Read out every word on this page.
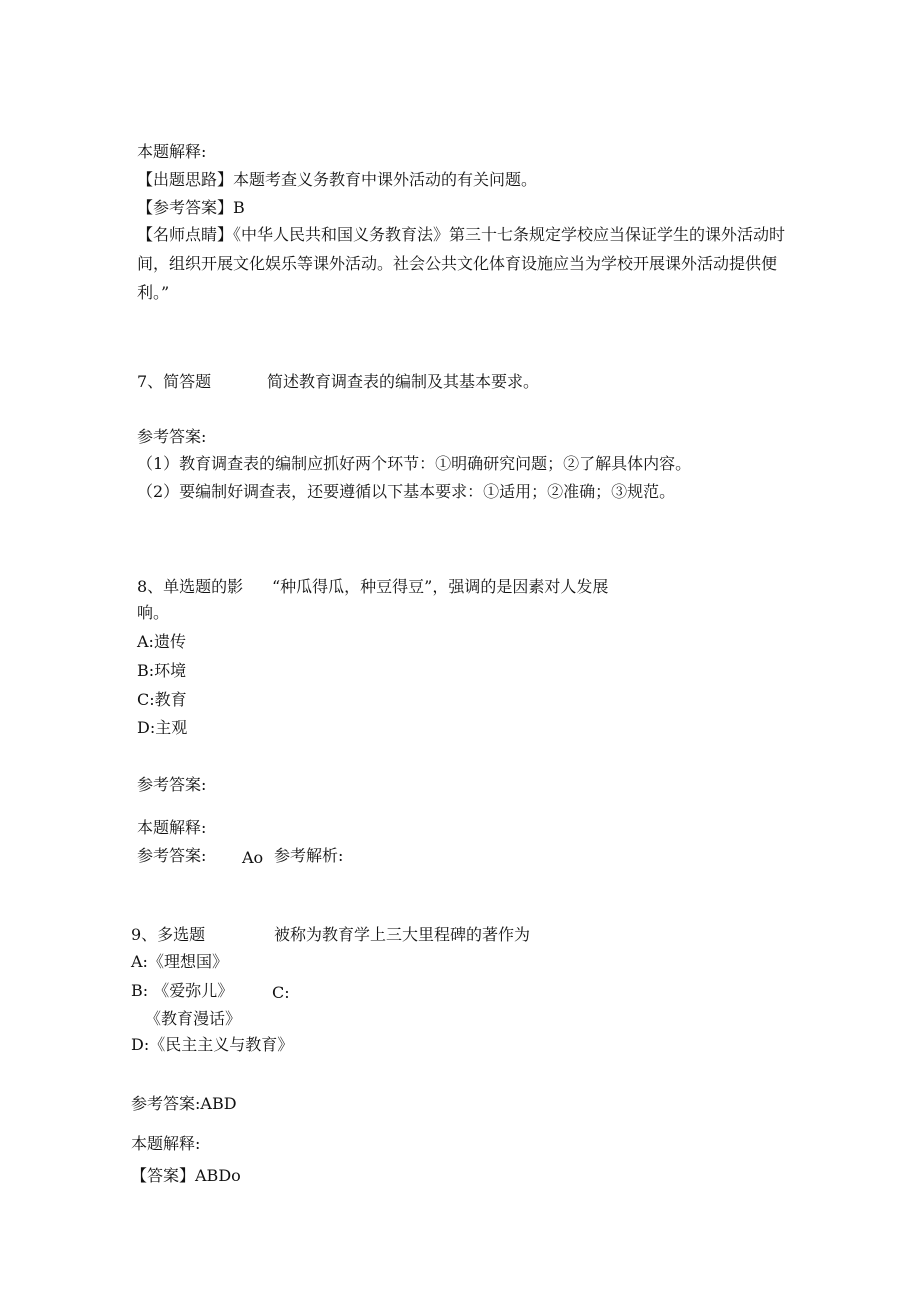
本题解释:
【出题思路】本题考查义务教育中课外活动的有关问题。
【参考答案】B
【名师点睛】《中华人民共和国义务教育法》第三十七条规定学校应当保证学生的课外活动时间，组织开展文化娱乐等课外活动。社会公共文化体育设施应当为学校开展课外活动提供便利。”
7、简答题	简述教育调查表的编制及其基本要求。
参考答案:
（1）教育调查表的编制应抓好两个环节：①明确研究问题；②了解具体内容。
（2）要编制好调查表，还要遵循以下基本要求：①适用；②准确；③规范。
8、单选题的影 “种瓜得瓜，种豆得豆”，强调的是因素对人发展
响。
A:遗传
B:环境
C:教育
D:主观
参考答案:
本题解释:
参考答案: Ao 参考解析:
9、多选题	被称为教育学上三大里程碑的著作为
A:《理想国》
B: 《爱弥儿》 C:
《教育漫话》
D:《民主主义与教育》
参考答案:ABD
本题解释:
【答案】ABDo
